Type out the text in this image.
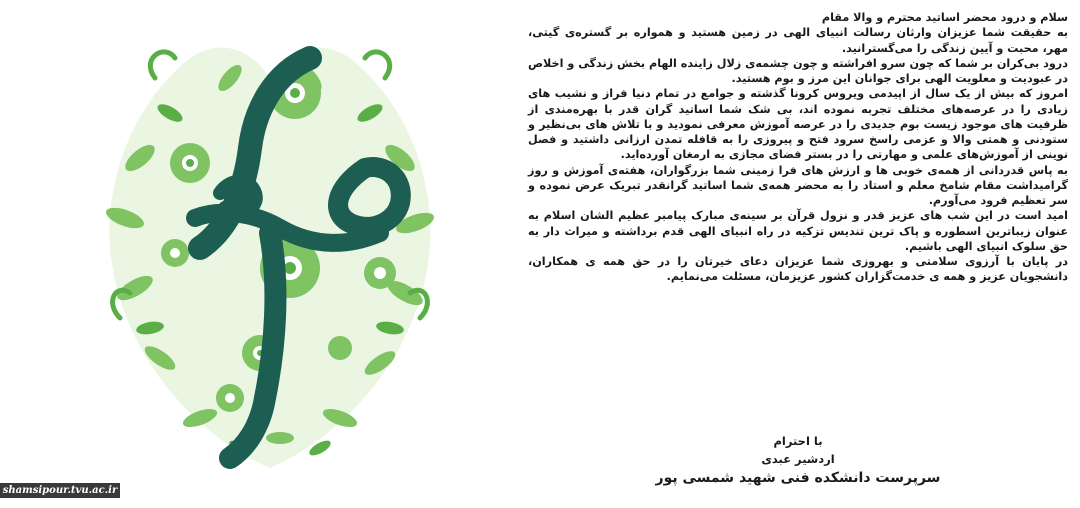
سلام و درود محضر اساتید محترم و والا مقام

به حقیقت شما عزیزان وارثان رسالت انبیای الهی در زمین هستید و همواره بر گستره‌ی گیتی، مهر، محبت و آیین زندگی را می‌گسترانید.

درود بی‌کران بر شما که چون سرو افراشته و چون چشمه‌ی زلال زاینده الهام بخش زندگی و اخلاص در عبودیت و معلویت الهی برای جوانان این مرز و بوم هستید.

امروز که بیش از یک سال از اپیدمی ویروس کرونا گذشته و جوامع در تمام دنیا فراز و نشیب های زیادی را در عرصه‌های مختلف تجربه نموده اند، بی شک شما اساتید گران قدر با بهره‌مندی از ظرفیت های موجود زیست بوم جدیدی را در عرصه آموزش معرفی نمودید و با تلاش های بی‌نظیر و ستودنی و همتی والا و عزمی راسخ سرود فتح و پیروزی را به قافله تمدن ارزانی داشتید و فصل نوینی از آموزش‌های علمی و مهارتی را در بستر فضای مجازی به ارمغان آورده‌اید.

به پاس قدردانی از همه‌ی خوبی ها و ارزش های فرا زمینی شما بزرگواران، هفته‌ی آموزش و روز گرامیداشت مقام شامخ معلم و استاد را به محضر همه‌ی شما اساتید گرانقدر تبریک عرض نموده و سر تعظیم فرود می‌آورم.

امید است در این شب های عزیز قدر و نزول قرآن بر سینه‌ی مبارک پیامبر عظیم الشان اسلام به عنوان زیباترین اسطوره و پاک ترین تندیس تزکیه در راه انبیای الهی قدم برداشته و میراث دار به حق سلوک انبیای الهی باشیم.

در پایان با آرزوی سلامتی و بهروزی شما عزیزان دعای خیرتان را در حق همه ی همکاران، دانشجویان عزیز و همه ی خدمت‌گزاران کشور عزیزمان، مسئلت می‌نمایم.

با احترام
اردشیر عبدی
سرپرست دانشکده فنی شهید شمسی پور
shamsipour.tvu.ac.ir
